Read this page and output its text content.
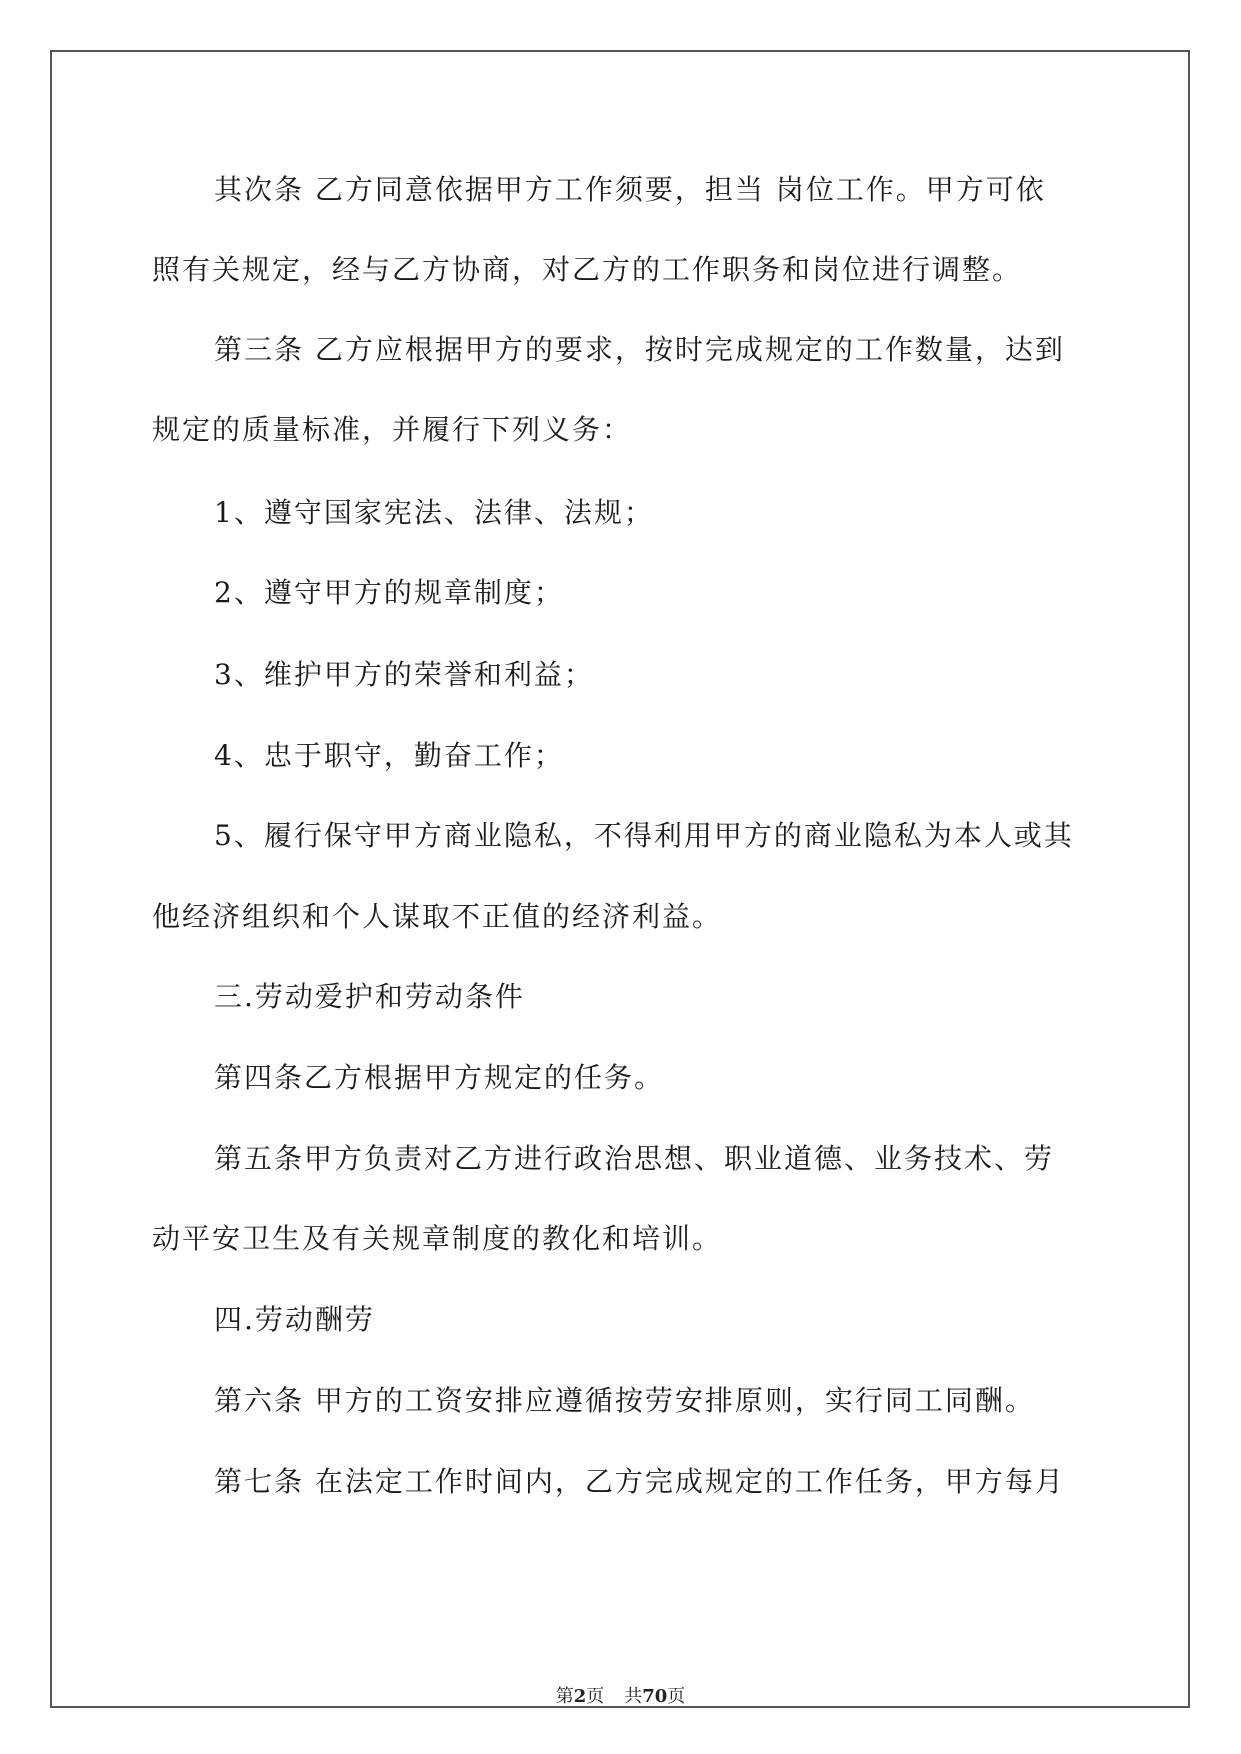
其次条 乙方同意依据甲方工作须要，担当 岗位工作。甲方可依
照有关规定，经与乙方协商，对乙方的工作职务和岗位进行调整。
第三条 乙方应根据甲方的要求，按时完成规定的工作数量，达到
规定的质量标准，并履行下列义务：
1、遵守国家宪法、法律、法规；
2、遵守甲方的规章制度；
3、维护甲方的荣誉和利益；
4、忠于职守，勤奋工作；
5、履行保守甲方商业隐私，不得利用甲方的商业隐私为本人或其
他经济组织和个人谋取不正值的经济利益。
三.劳动爱护和劳动条件
第四条乙方根据甲方规定的任务。
第五条甲方负责对乙方进行政治思想、职业道德、业务技术、劳
动平安卫生及有关规章制度的教化和培训。
四.劳动酬劳
第六条 甲方的工资安排应遵循按劳安排原则，实行同工同酬。
第七条 在法定工作时间内，乙方完成规定的工作任务，甲方每月
第2页 共70页
